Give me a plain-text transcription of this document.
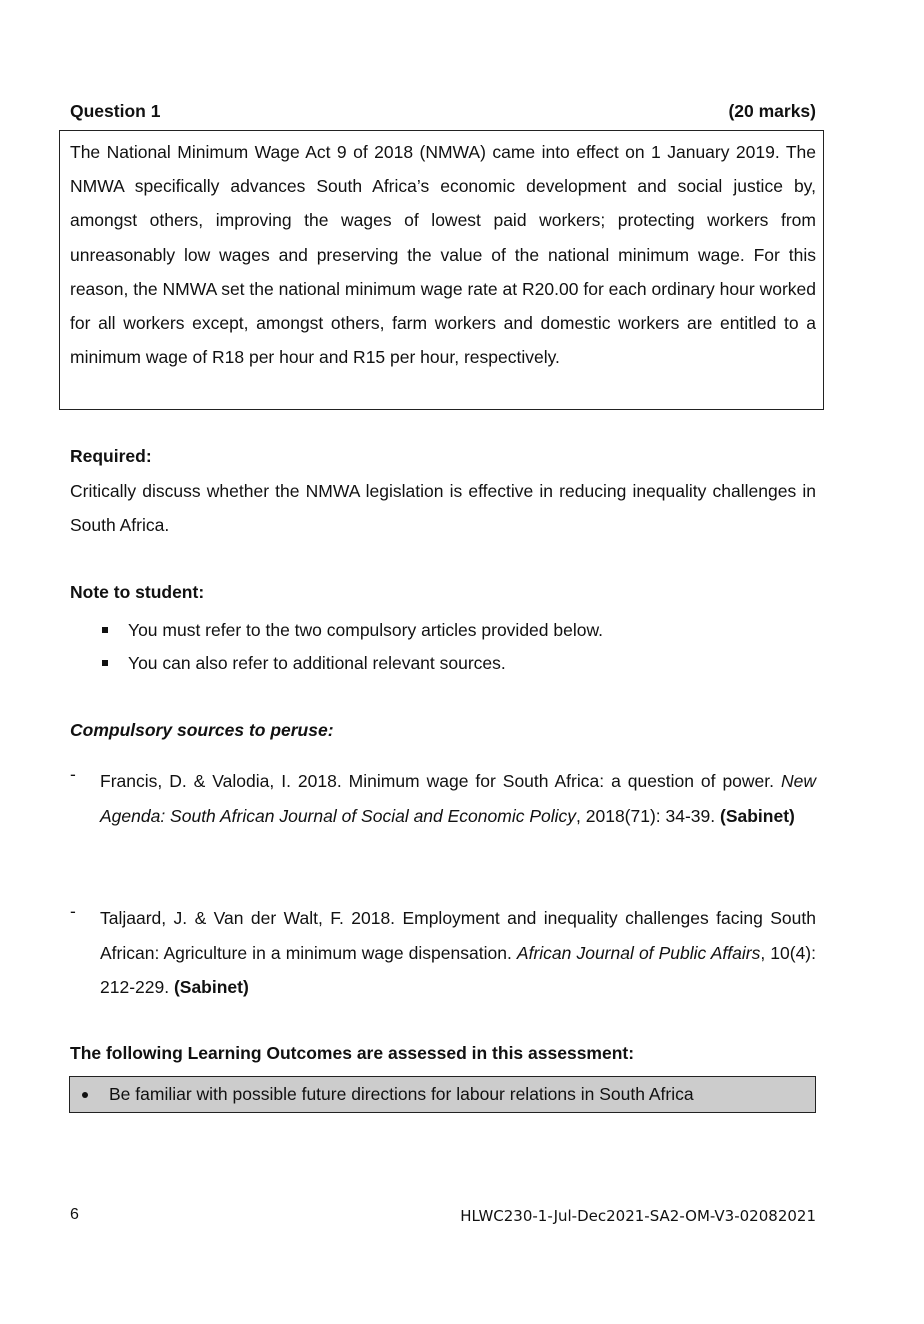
Question 1	(20 marks)
The National Minimum Wage Act 9 of 2018 (NMWA) came into effect on 1 January 2019. The NMWA specifically advances South Africa’s economic development and social justice by, amongst others, improving the wages of lowest paid workers; protecting workers from unreasonably low wages and preserving the value of the national minimum wage. For this reason, the NMWA set the national minimum wage rate at R20.00 for each ordinary hour worked for all workers except, amongst others, farm workers and domestic workers are entitled to a minimum wage of R18 per hour and R15 per hour, respectively.
Required:
Critically discuss whether the NMWA legislation is effective in reducing inequality challenges in South Africa.
Note to student:
You must refer to the two compulsory articles provided below.
You can also refer to additional relevant sources.
Compulsory sources to peruse:
-	Francis, D. & Valodia, I. 2018. Minimum wage for South Africa: a question of power. New Agenda: South African Journal of Social and Economic Policy, 2018(71): 34-39. (Sabinet)
-	Taljaard, J. & Van der Walt, F. 2018. Employment and inequality challenges facing South African: Agriculture in a minimum wage dispensation. African Journal of Public Affairs, 10(4): 212-229. (Sabinet)
The following Learning Outcomes are assessed in this assessment:
Be familiar with possible future directions for labour relations in South Africa
6	HLWC230-1-Jul-Dec2021-SA2-OM-V3-02082021
